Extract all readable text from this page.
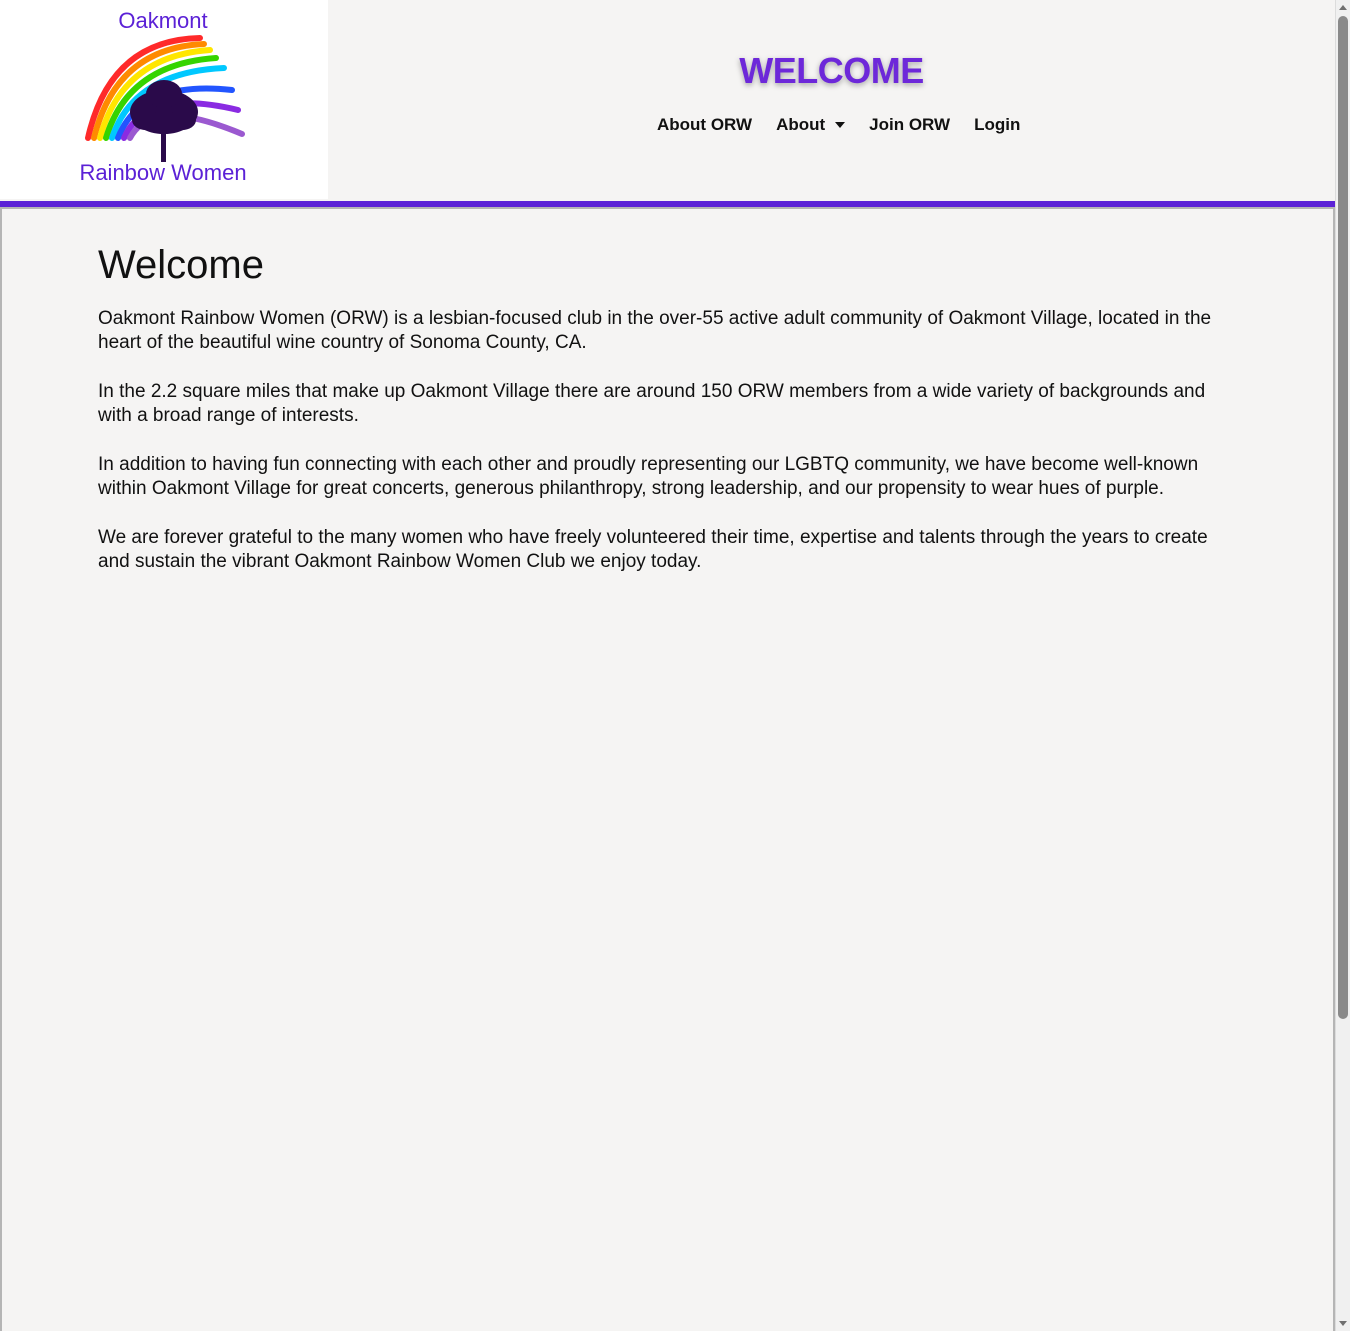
Oakmont
Rainbow Women
WELCOME
About ORW About	Join ORW Login
Welcome

Oakmont Rainbow Women (ORW) is a lesbian-focused club in the over-55 active adult community of Oakmont Village, located in the heart of the beautiful wine country of Sonoma County, CA.

In the 2.2 square miles that make up Oakmont Village there are around 150 ORW members from a wide variety of backgrounds and with a broad range of interests.

In addition to having fun connecting with each other and proudly representing our LGBTQ community, we have become well-known within Oakmont Village for great concerts, generous philanthropy, strong leadership, and our propensity to wear hues of purple.

We are forever grateful to the many women who have freely volunteered their time, expertise and talents through the years to create and sustain the vibrant Oakmont Rainbow Women Club we enjoy today.
